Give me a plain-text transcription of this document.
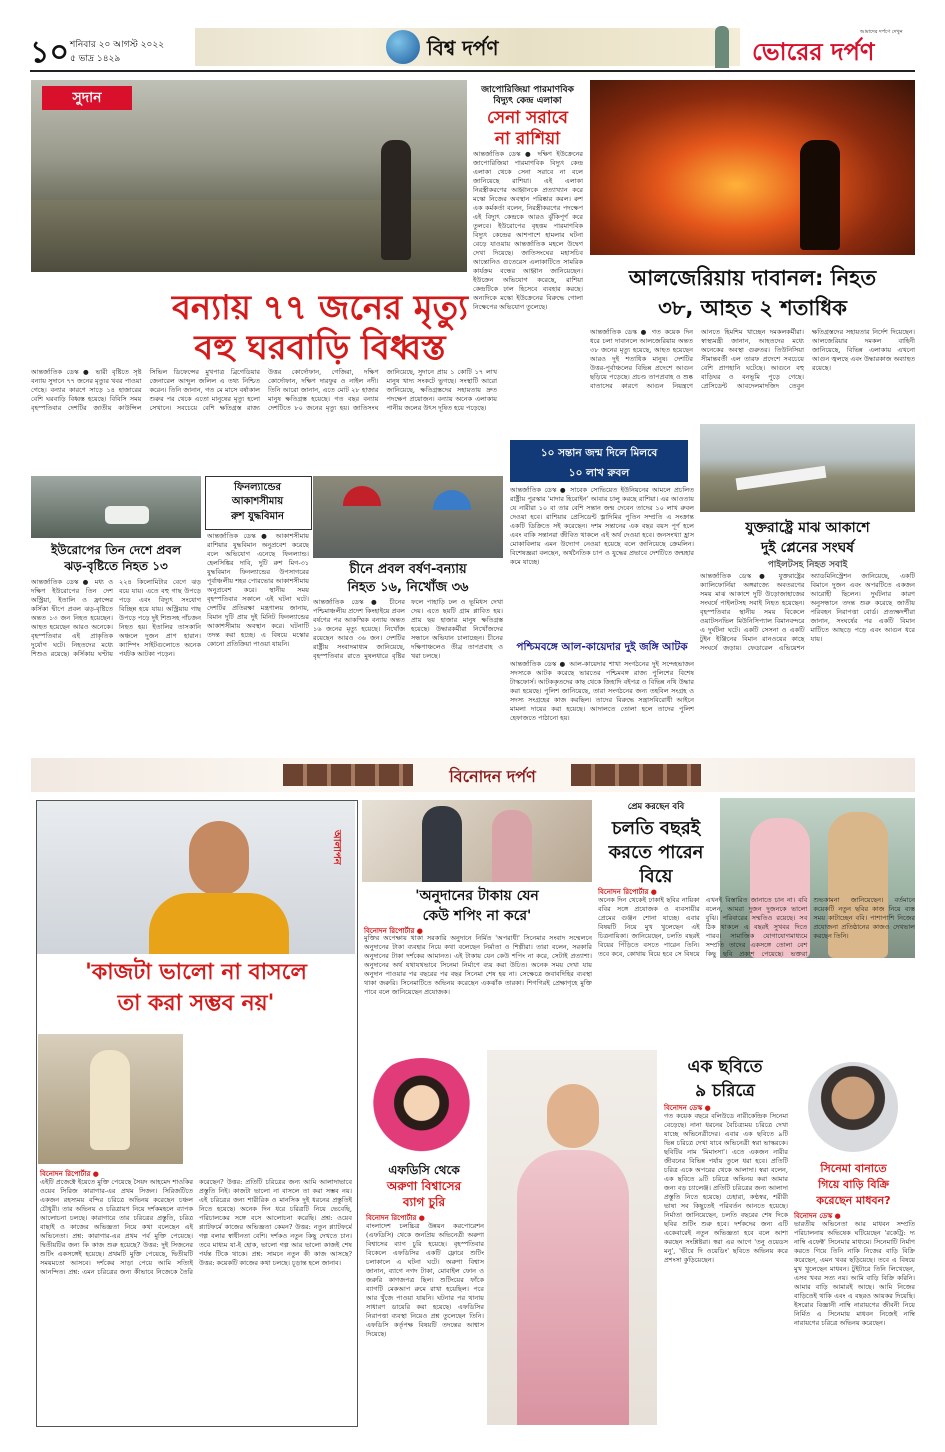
১০ শনিবার ২০ আগস্ট ২০২২
৫ ভাদ্র ১৪২৯	বিশ্ব দর্পণ
আমাদের দর্পণে দেখুন
ভোরের দর্পণ
সুদান
বন্যায় ৭৭ জনের মৃত্যু
বহু ঘরবাড়ি বিধ্বস্ত
আন্তর্জাতিক ডেস্ক ● ভারী বৃষ্টিতে সৃষ্ট বন্যায় সুদানে ৭৭ জনের মৃত্যুর খবর পাওয়া গেছে। বন্যার কারণে সাড়ে ১৪ হাজারের বেশি ঘরবাড়ি বিধ্বস্ত হয়েছে। বিবিসি সময় বৃহস্পতিবার দেশটির জাতীয় কাউন্সিল সিভিল ডিফেন্সের মুখপাত্র ব্রিগেডিয়ার জেনারেল আব্দুল জলিল এ তথ্য নিশ্চিত করেন। তিনি জানান, গত মে মাসে বর্ষাকাল শুরুর পর থেকে এতো মানুষের মৃত্যু হলো সেখানে। সবচেয়ে বেশি ক্ষতিগ্রস্ত রাজ্য উত্তর কোর্দোফান, গেজিরা, দক্ষিণ কোর্দোফান, দক্ষিণ দারফুর ও নাইল নদী। তিনি আরো জানান, এতে মোট ২৮ হাজার মানুষ ক্ষতিগ্রস্ত হয়েছে। গত বছর বন্যায় দেশটিতে ৮০ জনের মৃত্যু হয়। জাতিসংঘ জানিয়েছে, সুদানে প্রায় ১ কোটি ১৭ লাখ মানুষ খাদ্য সংকটে ভুগছে। সংস্থাটি আরো জানিয়েছে, ক্ষতিগ্রস্তদের সহায়তায় দ্রুত পদক্ষেপ প্রয়োজন। বন্যায় অনেক এলাকায় পানীয় জলের উৎস দূষিত হয়ে পড়েছে।
জাপোরিজিয়া পারমাণবিক
বিদ্যুৎ কেন্দ্র এলাকা
সেনা সরাবে
না রাশিয়া
আন্তর্জাতিক ডেস্ক ● দক্ষিণ ইউক্রেনের জাপোরিজিয়া পারমাণবিক বিদ্যুৎ কেন্দ্র এলাকা থেকে সেনা সরাবে না বলে জানিয়েছে রাশিয়া। এই এলাকা নিরস্ত্রীকরণের আহ্বানকে প্রত্যাখ্যান করে মস্কো নিজের অবস্থান পরিষ্কার করল। রুশ এক কর্মকর্তা বলেন, নিরস্ত্রীকরণের পদক্ষেপ এই বিদ্যুৎ কেন্দ্রকে আরও ঝুঁকিপূর্ণ করে তুলবে। ইউরোপের বৃহত্তম পারমাণবিক বিদ্যুৎ কেন্দ্রের আশপাশে হামলার ঘটনা বেড়ে যাওয়ায় আন্তর্জাতিক মহলে উদ্বেগ দেখা দিয়েছে। জাতিসংঘের মহাসচিব আন্তোনিও গুতেরেস এলাকাটিতে সামরিক কার্যক্রম বন্ধের আহ্বান জানিয়েছেন। ইউক্রেন অভিযোগ করেছে, রাশিয়া কেন্দ্রটিকে ঢাল হিসেবে ব্যবহার করছে। অন্যদিকে মস্কো ইউক্রেনের বিরুদ্ধে গোলা নিক্ষেপের অভিযোগ তুলেছে।
আলজেরিয়ায় দাবানল: নিহত
৩৮, আহত ২ শতাধিক
আন্তর্জাতিক ডেস্ক ● গত কয়েক দিন ধরে চলা দাবানলে আলজেরিয়ায় অন্তত ৩৮ জনের মৃত্যু হয়েছে, আহত হয়েছেন আরও দুই শতাধিক মানুষ। দেশটির উত্তর-পূর্বাঞ্চলের বিভিন্ন প্রদেশে আগুন ছড়িয়ে পড়েছে। প্রচণ্ড তাপপ্রবাহ ও শুষ্ক বাতাসের কারণে আগুন নিয়ন্ত্রণে আনতে হিমশিম খাচ্ছেন দমকলকর্মীরা। স্বাস্থ্যমন্ত্রী জানান, আহতদের মধ্যে অনেকের অবস্থা গুরুতর। তিউনিসিয়া সীমান্তবর্তী এল তারফ প্রদেশে সবচেয়ে বেশি প্রাণহানি ঘটেছে। আগুনে বহু বাড়িঘর ও বনভূমি পুড়ে গেছে। প্রেসিডেন্ট আবদেলমাদজিদ তেবুন ক্ষতিগ্রস্তদের সহায়তার নির্দেশ দিয়েছেন। আলজেরিয়ার দমকল বাহিনী জানিয়েছে, বিভিন্ন এলাকায় এখনো আগুন জ্বলছে এবং উদ্ধারকাজ অব্যাহত রয়েছে।
ইউরোপের তিন দেশে প্রবল
ঝড়-বৃষ্টিতে নিহত ১৩
আন্তর্জাতিক ডেস্ক ● মধ্য ও দক্ষিণ ইউরোপের তিন দেশ অস্ট্রিয়া, ইতালি ও ফ্রান্সের কর্সিকা দ্বীপে প্রবল ঝড়-বৃষ্টিতে অন্তত ১৩ জন নিহত হয়েছেন। আহত হয়েছেন আরও অনেকে। বৃহস্পতিবার এই প্রাকৃতিক দুর্যোগ ঘটে। নিহতদের মধ্যে শিশুও রয়েছে। কর্সিকায় ঘণ্টায় ২২৪ কিলোমিটার বেগে ঝড় বয়ে যায়। এতে বহু গাছ উপড়ে পড়ে এবং বিদ্যুৎ সংযোগ বিচ্ছিন্ন হয়ে যায়। অস্ট্রিয়ায় গাছ উপড়ে পড়ে দুই শিশুসহ পাঁচজন নিহত হয়। ইতালির তাসকানি অঞ্চলে দুজন প্রাণ হারান। ক্যাম্পিং সাইটগুলোতে অনেক পর্যটক আটকা পড়েন।
ফিনল্যান্ডের
আকাশসীমায়
রুশ যুদ্ধবিমান
আন্তর্জাতিক ডেস্ক ● আকাশসীমায় রাশিয়ার যুদ্ধবিমান অনুপ্রবেশ করেছে বলে অভিযোগ এনেছে ফিনল্যান্ড। হেলসিঙ্কির দাবি, দুটি রুশ মিগ-৩১ যুদ্ধবিমান ফিনল্যান্ডের উপসাগরের পূর্বাঞ্চলীয় শহর পোরভোর আকাশসীমায় অনুপ্রবেশ করে। স্থানীয় সময় বৃহস্পতিবার সকালে এই ঘটনা ঘটে। দেশটির প্রতিরক্ষা মন্ত্রণালয় জানায়, বিমান দুটি প্রায় দুই মিনিট ফিনল্যান্ডের আকাশসীমায় অবস্থান করে। ঘটনাটি তদন্ত করা হচ্ছে। এ বিষয়ে মস্কোর কোনো প্রতিক্রিয়া পাওয়া যায়নি।
চীনে প্রবল বর্ষণ-বন্যায়
নিহত ১৬, নিখোঁজ ৩৬
আন্তর্জাতিক ডেস্ক ● চীনের পশ্চিমাঞ্চলীয় প্রদেশ কিংহাইয়ে প্রবল বর্ষণের পর আকস্মিক বন্যায় অন্তত ১৬ জনের মৃত্যু হয়েছে। নিখোঁজ রয়েছেন আরও ৩৬ জন। দেশটির রাষ্ট্রীয় সংবাদমাধ্যম জানিয়েছে, বৃহস্পতিবার রাতে মুষলধারে বৃষ্টির ফলে পাহাড়ি ঢল ও ভূমিধস দেখা দেয়। এতে ছয়টি গ্রাম প্লাবিত হয়। প্রায় ছয় হাজার মানুষ ক্ষতিগ্রস্ত হয়েছে। উদ্ধারকর্মীরা নিখোঁজদের সন্ধানে অভিযান চালাচ্ছেন। চীনের দক্ষিণাঞ্চলেও তীব্র তাপপ্রবাহ ও খরা চলছে।
১০ সন্তান জন্ম দিলে মিলবে
১০ লাখ রুবল
আন্তর্জাতিক ডেস্ক ● সাবেক সোভিয়েত ইউনিয়নের আমলে প্রচলিত রাষ্ট্রীয় পুরস্কার 'মাদার হিরোইন' আবার চালু করছে রাশিয়া। এর আওতায় যে নারীরা ১০ বা তার বেশি সন্তান জন্ম দেবেন তাদের ১০ লাখ রুবল দেওয়া হবে। রাশিয়ার প্রেসিডেন্ট ভ্লাদিমির পুতিন সম্প্রতি এ সংক্রান্ত একটি ডিক্রিতে সই করেছেন। দশম সন্তানের এক বছর বয়স পূর্ণ হলে এবং বাকি সন্তানরা জীবিত থাকলে এই অর্থ দেওয়া হবে। জনসংখ্যা হ্রাস মোকাবিলায় এমন উদ্যোগ নেওয়া হয়েছে বলে জানিয়েছে ক্রেমলিন। বিশেষজ্ঞরা বলছেন, অর্থনৈতিক চাপ ও যুদ্ধের প্রভাবে দেশটিতে জন্মহার কমে যাচ্ছে।
পশ্চিমবঙ্গে আল-কায়েদার দুই জঙ্গি আটক
আন্তর্জাতিক ডেস্ক ● আল-কায়েদার শাখা সংগঠনের দুই সন্দেহভাজন সদস্যকে আটক করেছে ভারতের পশ্চিমবঙ্গ রাজ্য পুলিশের বিশেষ টাস্কফোর্স। আটককৃতদের কাছ থেকে জিহাদি বইপত্র ও বিভিন্ন নথি উদ্ধার করা হয়েছে। পুলিশ জানিয়েছে, তারা সংগঠনের জন্য তহবিল সংগ্রহ ও সদস্য সংগ্রহের কাজ করছিল। তাদের বিরুদ্ধে সন্ত্রাসবিরোধী আইনে মামলা দায়ের করা হয়েছে। আদালতে তোলা হলে তাদের পুলিশ হেফাজতে পাঠানো হয়।
যুক্তরাষ্ট্রে মাঝ আকাশে
দুই প্লেনের সংঘর্ষ
পাইলটসহ নিহত সবাই
আন্তর্জাতিক ডেস্ক ● যুক্তরাষ্ট্রের ক্যালিফোর্নিয়া অঙ্গরাজ্যে অবতরণের সময় মাঝ আকাশে দুটি উড়োজাহাজের সংঘর্ষে পাইলটসহ সবাই নিহত হয়েছেন। বৃহস্পতিবার স্থানীয় সময় বিকেলে ওয়াটসনভিল মিউনিসিপ্যাল বিমানবন্দরে এ দুর্ঘটনা ঘটে। একটি সেসনা ও একটি টুইন ইঞ্জিনের বিমান রানওয়ের কাছে সংঘর্ষে জড়ায়। ফেডারেল এভিয়েশন অ্যাডমিনিস্ট্রেশন জানিয়েছে, একটি বিমানে দুজন এবং অপরটিতে একজন আরোহী ছিলেন। দুর্ঘটনার কারণ অনুসন্ধানে তদন্ত শুরু করেছে জাতীয় পরিবহন নিরাপত্তা বোর্ড। প্রত্যক্ষদর্শীরা জানান, সংঘর্ষের পর একটি বিমান মাটিতে আছড়ে পড়ে এবং আগুন ধরে যায়।
বিনোদন দর্পণ
আলাপন
'কাজটা ভালো না বাসলে
তা করা সম্ভব নয়'
বিনোদন রিপোর্টার ●
এইটি প্রজেক্টে ইয়েতে মুক্তি পেয়েছে সৈয়দ আহমেদ শাওকির ওয়েব সিরিজ কারাগার-এর প্রথম সিজন। সিরিজটিতে একজন রহস্যময় বন্দির চরিত্রে অভিনয় করেছেন চঞ্চল চৌধুরী। তার অভিনয় ও চরিত্রায়ণ নিয়ে দর্শকমহলে ব্যাপক আলোচনা চলছে। কারাগারে তার চরিত্রের প্রস্তুতি, চরিত্র বাছাই ও কাজের অভিজ্ঞতা নিয়ে কথা বলেছেন এই অভিনেতা। প্রশ্ন: কারাগার-এর প্রথম পর্ব মুক্তি পেয়েছে। দ্বিতীয়টির জন্য কি কাজ শুরু হয়েছে? উত্তর: দুই সিজনের শুটিং একসঙ্গেই হয়েছে। প্রথমটি মুক্তি পেয়েছে, দ্বিতীয়টি সময়মতো আসবে। দর্শকের সাড়া পেয়ে আমি সত্যিই আনন্দিত। প্রশ্ন: এমন চরিত্রের জন্য কীভাবে নিজেকে তৈরি করেছেন? উত্তর: প্রতিটি চরিত্রের জন্য আমি আলাদাভাবে প্রস্তুতি নিই। কাজটা ভালো না বাসলে তা করা সম্ভব নয়। এই চরিত্রের জন্য শারীরিক ও মানসিক দুই ধরনের প্রস্তুতিই নিতে হয়েছে। অনেক দিন ধরে চরিত্রটি নিয়ে ভেবেছি, পরিচালকের সঙ্গে বসে আলোচনা করেছি। প্রশ্ন: ওয়েব প্ল্যাটফর্মে কাজের অভিজ্ঞতা কেমন? উত্তর: নতুন প্ল্যাটফর্মে গল্প বলার স্বাধীনতা বেশি। দর্শকও নতুন কিছু দেখতে চান। তবে মাধ্যম যা-ই হোক, ভালো গল্প আর ভালো কাজই শেষ পর্যন্ত টিকে থাকে। প্রশ্ন: সামনে নতুন কী কাজ আসছে? উত্তর: কয়েকটি কাজের কথা চলছে। চূড়ান্ত হলে জানাব।
'অনুদানের টাকায় যেন
কেউ শপিং না করে'
বিনোদন রিপোর্টার ●
মুক্তির অপেক্ষায় থাকা সরকারি অনুদানে নির্মিত 'অপরাধী' সিনেমার সংবাদ সম্মেলনে অনুদানের টাকা ব্যবহার নিয়ে কথা বলেছেন নির্মাতা ও শিল্পীরা। তারা বলেন, সরকারি অনুদানের টাকা দর্শকের আমানত। এই টাকায় যেন কেউ শপিং না করে, সেটাই প্রত্যাশা। অনুদানের অর্থ যথাযথভাবে সিনেমা নির্মাণে ব্যয় করা উচিত। অনেক সময় দেখা যায় অনুদান পাওয়ার পর বছরের পর বছর সিনেমা শেষ হয় না। সেক্ষেত্রে জবাবদিহির ব্যবস্থা থাকা জরুরি। সিনেমাটিতে অভিনয় করেছেন একঝাঁক তারকা। শিগগিরই প্রেক্ষাগৃহে মুক্তি পাবে বলে জানিয়েছেন প্রযোজক।
প্রেম করছেন ববি
চলতি বছরই
করতে পারেন
বিয়ে
বিনোদন রিপোর্টার ●
অনেক দিন থেকেই ঢাকাই ছবির নায়িকা ববির সঙ্গে প্রযোজক ও ব্যবসায়ীর প্রেমের গুঞ্জন শোনা যাচ্ছে। এবার বিষয়টি নিয়ে মুখ খুলেছেন এই চিত্রনায়িকা। জানিয়েছেন, চলতি বছরই বিয়ের পিঁড়িতে বসতে পারেন তিনি। তবে কবে, কোথায় বিয়ে হবে সে বিষয়ে এখনই বিস্তারিত জানাতে চান না। ববি বলেন, আমরা দুজন দুজনকে ভালো বুঝি। পরিবারের সম্মতিও রয়েছে। সব ঠিক থাকলে এ বছরই সুখবর দিতে পারব। সামাজিক যোগাযোগমাধ্যমে সম্প্রতি তাদের একসঙ্গে তোলা বেশ কিছু ছবি প্রকাশ পেয়েছে। ভক্তরা শুভকামনা জানিয়েছেন। বর্তমানে কয়েকটি নতুন ছবির কাজ নিয়ে ব্যস্ত সময় কাটাচ্ছেন ববি। পাশাপাশি নিজের প্রযোজনা প্রতিষ্ঠানের কাজও দেখভাল করছেন তিনি।
এফডিসি থেকে
অরুণা বিশ্বাসের
ব্যাগ চুরি
বিনোদন রিপোর্টার ●
বাংলাদেশ চলচ্চিত্র উন্নয়ন করপোরেশন (এফডিসি) থেকে জনপ্রিয় অভিনেত্রী অরুণা বিশ্বাসের ব্যাগ চুরি হয়েছে। বৃহস্পতিবার বিকেলে এফডিসির একটি ফ্লোরে শুটিং চলাকালে এ ঘটনা ঘটে। অরুণা বিশ্বাস জানান, ব্যাগে নগদ টাকা, মোবাইল ফোন ও জরুরি কাগজপত্র ছিল। শুটিংয়ের ফাঁকে ব্যাগটি মেকআপ রুমে রাখা হয়েছিল। পরে আর খুঁজে পাওয়া যায়নি। ঘটনার পর থানায় সাধারণ ডায়েরি করা হয়েছে। এফডিসির নিরাপত্তা ব্যবস্থা নিয়েও প্রশ্ন তুলেছেন তিনি। এফডিসি কর্তৃপক্ষ বিষয়টি তদন্তের আশ্বাস দিয়েছে।
এক ছবিতে
৯ চরিত্রে
বিনোদন ডেস্ক ●
গত কয়েক বছরে বলিউডে নারীকেন্দ্রিক সিনেমা বেড়েছে। নানা ধরনের বৈচিত্র্যময় চরিত্রে দেখা যাচ্ছে অভিনেত্রীদের। এবার এক ছবিতে ৯টি ভিন্ন চরিত্রে দেখা যাবে অভিনেত্রী স্বরা ভাস্করকে। ছবিটির নাম 'মিমাংসা'। এতে একজন নারীর জীবনের বিভিন্ন পর্যায় তুলে ধরা হবে। প্রতিটি চরিত্র একে অপরের থেকে আলাদা। স্বরা বলেন, এক ছবিতে ৯টি চরিত্রে অভিনয় করা আমার জন্য বড় চ্যালেঞ্জ। প্রতিটি চরিত্রের জন্য আলাদা প্রস্তুতি নিতে হয়েছে। চেহারা, কণ্ঠস্বর, শরীরী ভাষা সব কিছুতেই পরিবর্তন আনতে হয়েছে। নির্মাতা জানিয়েছেন, চলতি বছরের শেষ দিকে ছবির শুটিং শুরু হবে। দর্শকদের জন্য এটি একেবারেই নতুন অভিজ্ঞতা হবে বলে আশা করছেন সংশ্লিষ্টরা। স্বরা এর আগে 'তনু ওয়েডস মনু', 'ভীরে দি ওয়েডিং' ছবিতে অভিনয় করে প্রশংসা কুড়িয়েছেন।
সিনেমা বানাতে
গিয়ে বাড়ি বিক্রি
করেছেন মাধবন?
বিনোদন ডেস্ক ●
ভারতীয় অভিনেতা আর মাধবন সম্প্রতি পরিচালনায় অভিষেক ঘটিয়েছেন 'রকেট্রি: দ্য নাম্বি এফেক্ট' সিনেমার মাধ্যমে। সিনেমাটি নির্মাণ করতে গিয়ে তিনি নাকি নিজের বাড়ি বিক্রি করেছেন, এমন খবর ছড়িয়েছে। তবে এ বিষয়ে মুখ খুলেছেন মাধবন। টুইটারে তিনি লিখেছেন, এসব খবর সত্য নয়। আমি বাড়ি বিক্রি করিনি। আমার বাড়ি আমারই আছে। আমি নিজের বাড়িতেই থাকি এবং এ বছরও আয়কর দিয়েছি। ইসরোর বিজ্ঞানী নাম্বি নারায়ণের জীবনী নিয়ে নির্মিত এ সিনেমায় মাধবন নিজেই নাম্বি নারায়ণের চরিত্রে অভিনয় করেছেন।
